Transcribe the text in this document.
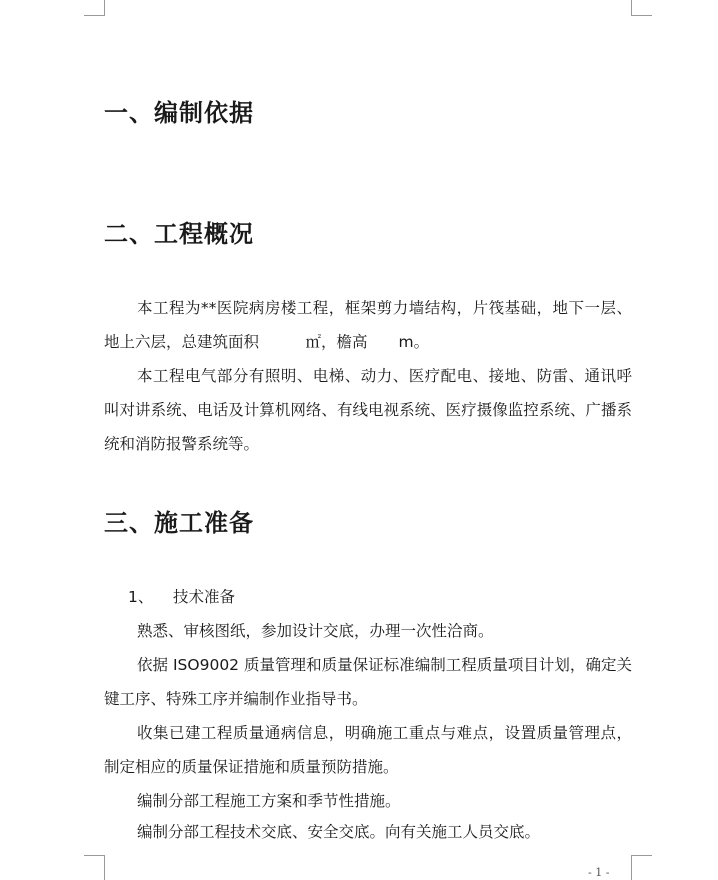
一、编制依据
二、工程概况

本工程为**医院病房楼工程，框架剪力墙结构，片筏基础，地下一层、地上六层，总建筑面积　　　㎡，檐高　　m。

本工程电气部分有照明、电梯、动力、医疗配电、接地、防雷、通讯呼叫对讲系统、电话及计算机网络、有线电视系统、医疗摄像监控系统、广播系统和消防报警系统等。

三、施工准备
1、 技术准备
熟悉、审核图纸，参加设计交底，办理一次性洽商。

依据 ISO9002 质量管理和质量保证标准编制工程质量项目计划，确定关键工序、特殊工序并编制作业指导书。

收集已建工程质量通病信息，明确施工重点与难点，设置质量管理点，制定相应的质量保证措施和质量预防措施。

编制分部工程施工方案和季节性措施。
编制分部工程技术交底、安全交底。向有关施工人员交底。
- 1 -
